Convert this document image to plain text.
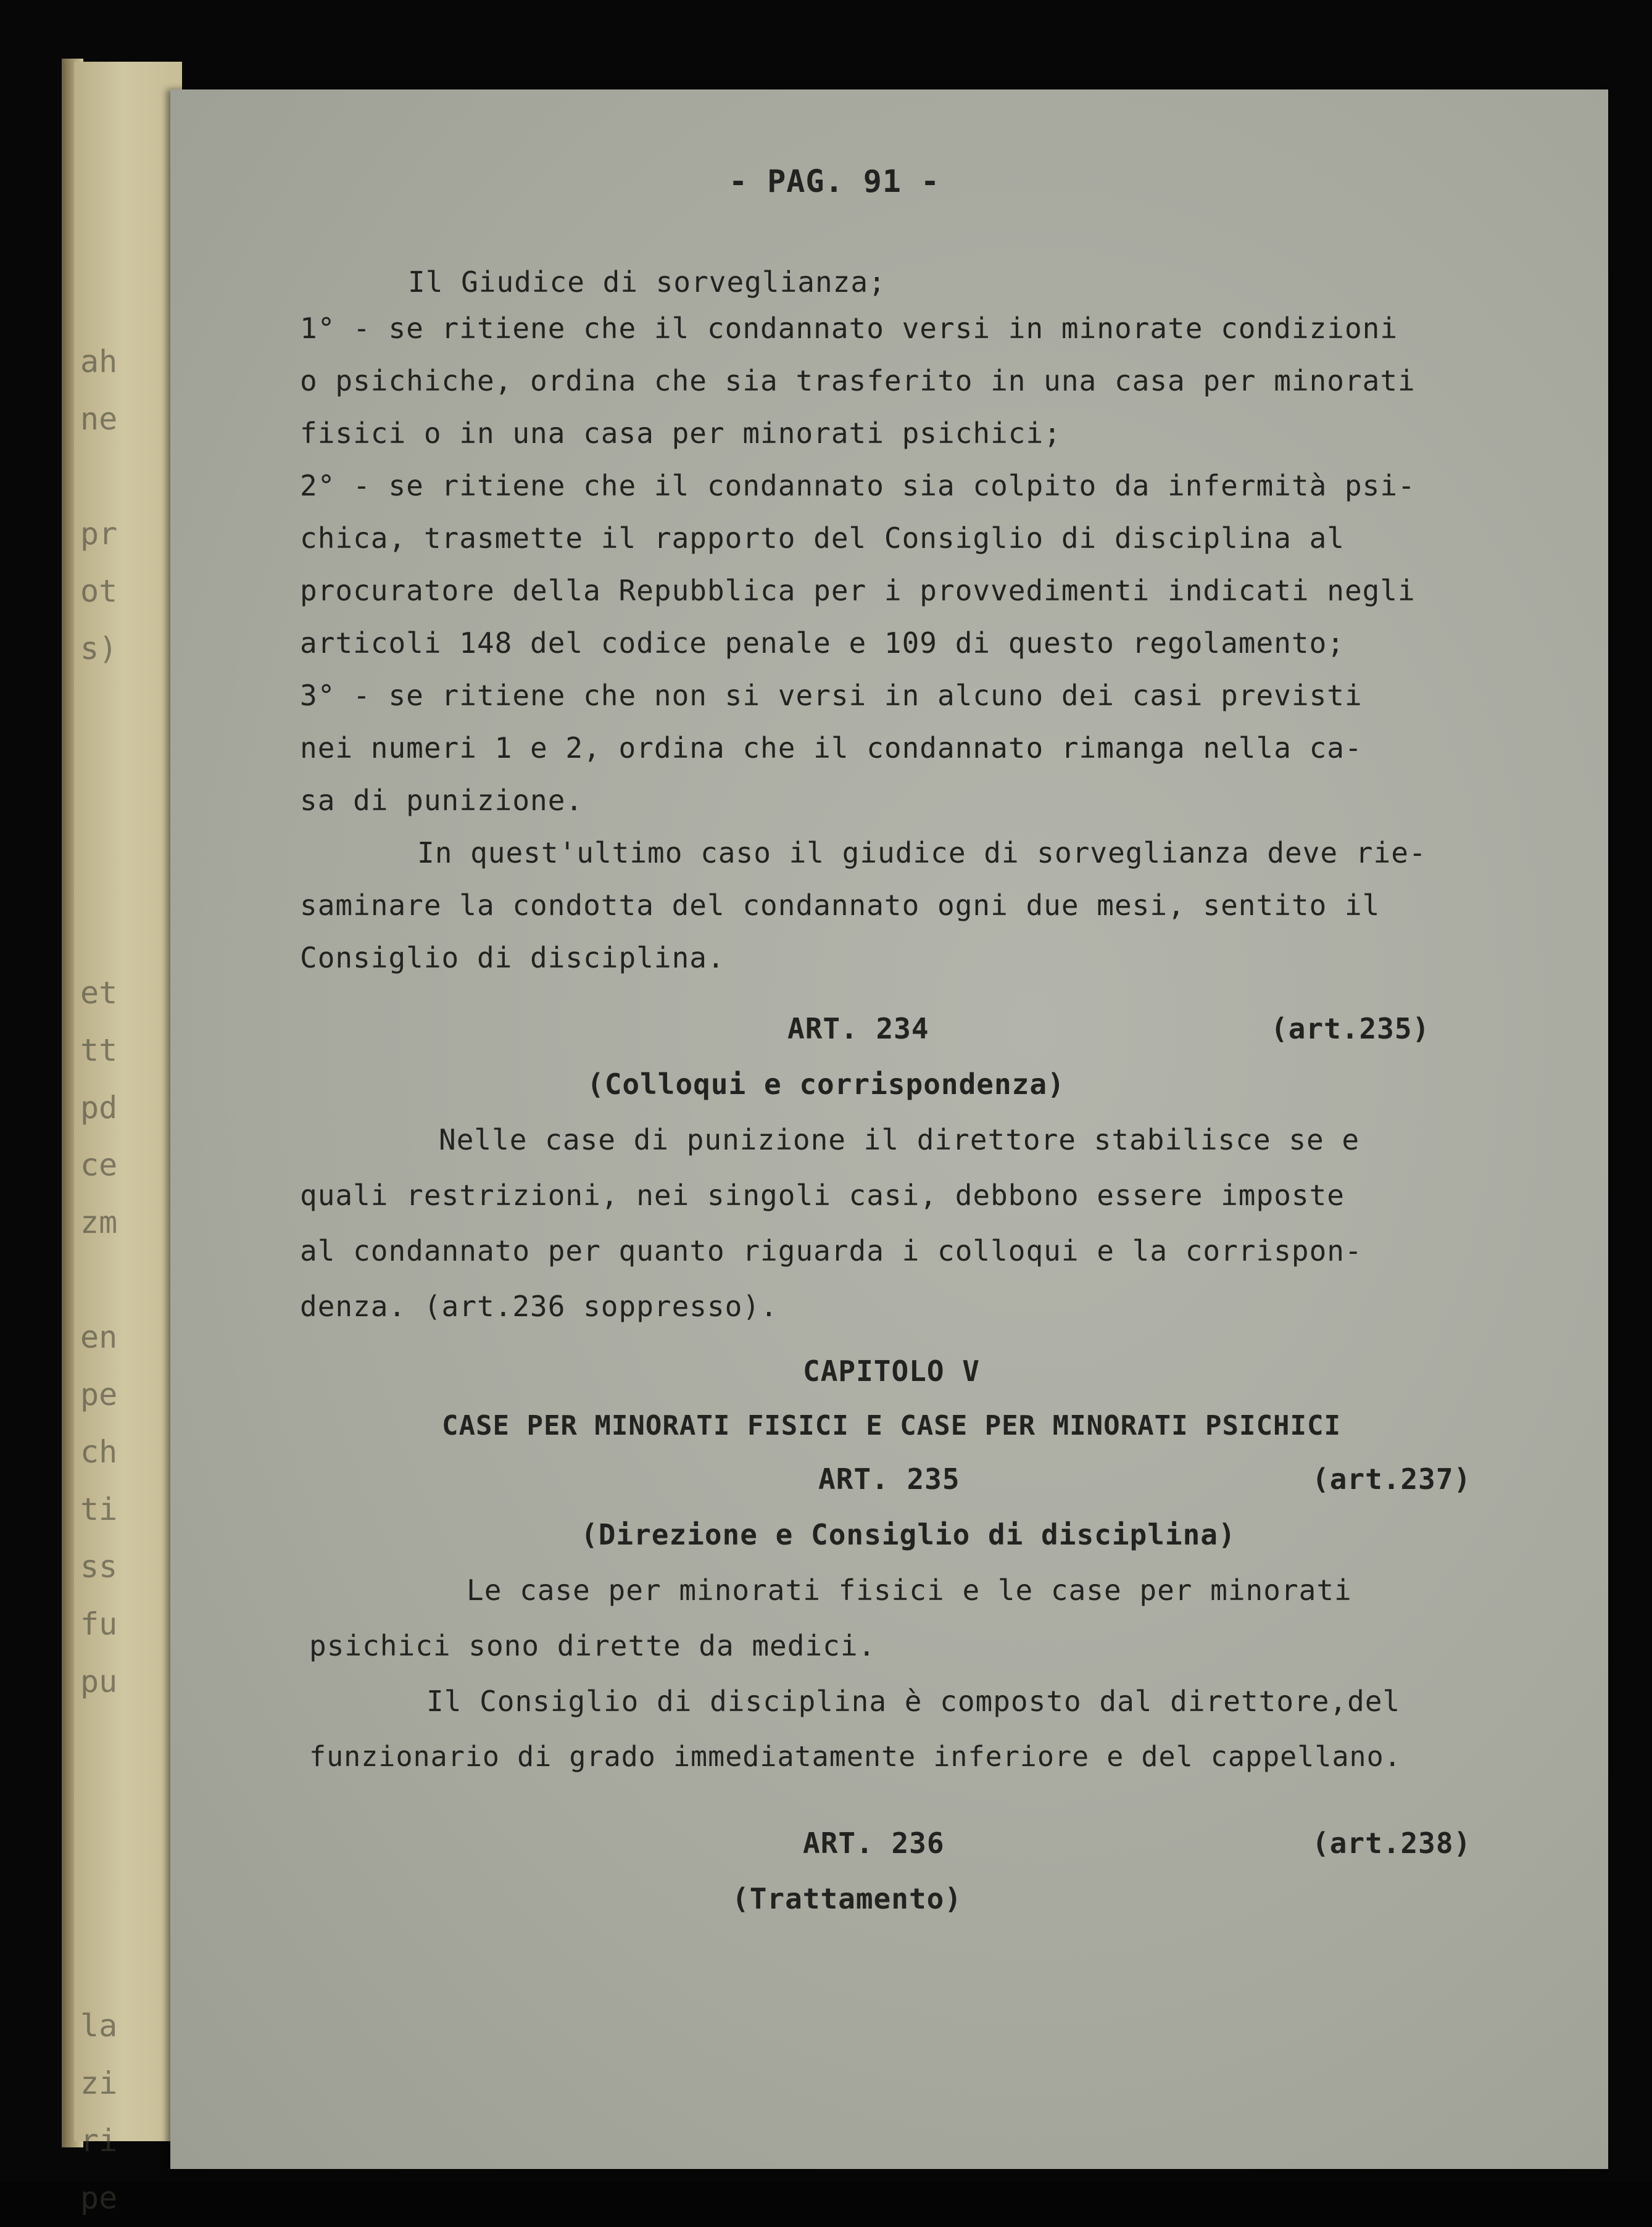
ah
ne

pr
ot
s)

et
tt
pd
ce
zm

en
pe
ch
ti
ss
fu
pu

la
zi
ri
pe
- PAG. 91 -
Il Giudice di sorveglianza;
1° - se ritiene che il condannato versi in minorate condizioni
o psichiche, ordina che sia trasferito in una casa per minorati
fisici o in una casa per minorati psichici;
2° - se ritiene che il condannato sia colpito da infermità psi-
chica, trasmette il rapporto del Consiglio di disciplina al
procuratore della Repubblica per i provvedimenti indicati negli
articoli 148 del codice penale e 109 di questo regolamento;
3° - se ritiene che non si versi in alcuno dei casi previsti
nei numeri 1 e 2, ordina che il condannato rimanga nella ca-
sa di punizione.
In quest'ultimo caso il giudice di sorveglianza deve rie-
saminare la condotta del condannato ogni due mesi, sentito il
Consiglio di disciplina.
ART. 234	(art.235)
(Colloqui e corrispondenza)
Nelle case di punizione il direttore stabilisce se e
quali restrizioni, nei singoli casi, debbono essere imposte
al condannato per quanto riguarda i colloqui e la corrispon-
denza. (art.236 soppresso).
CAPITOLO V
CASE PER MINORATI FISICI E CASE PER MINORATI PSICHICI
ART. 235	(art.237)
(Direzione e Consiglio di disciplina)
Le case per minorati fisici e le case per minorati
psichici sono dirette da medici.
Il Consiglio di disciplina è composto dal direttore,del
funzionario di grado immediatamente inferiore e del cappellano.
ART. 236	(art.238)
(Trattamento)
